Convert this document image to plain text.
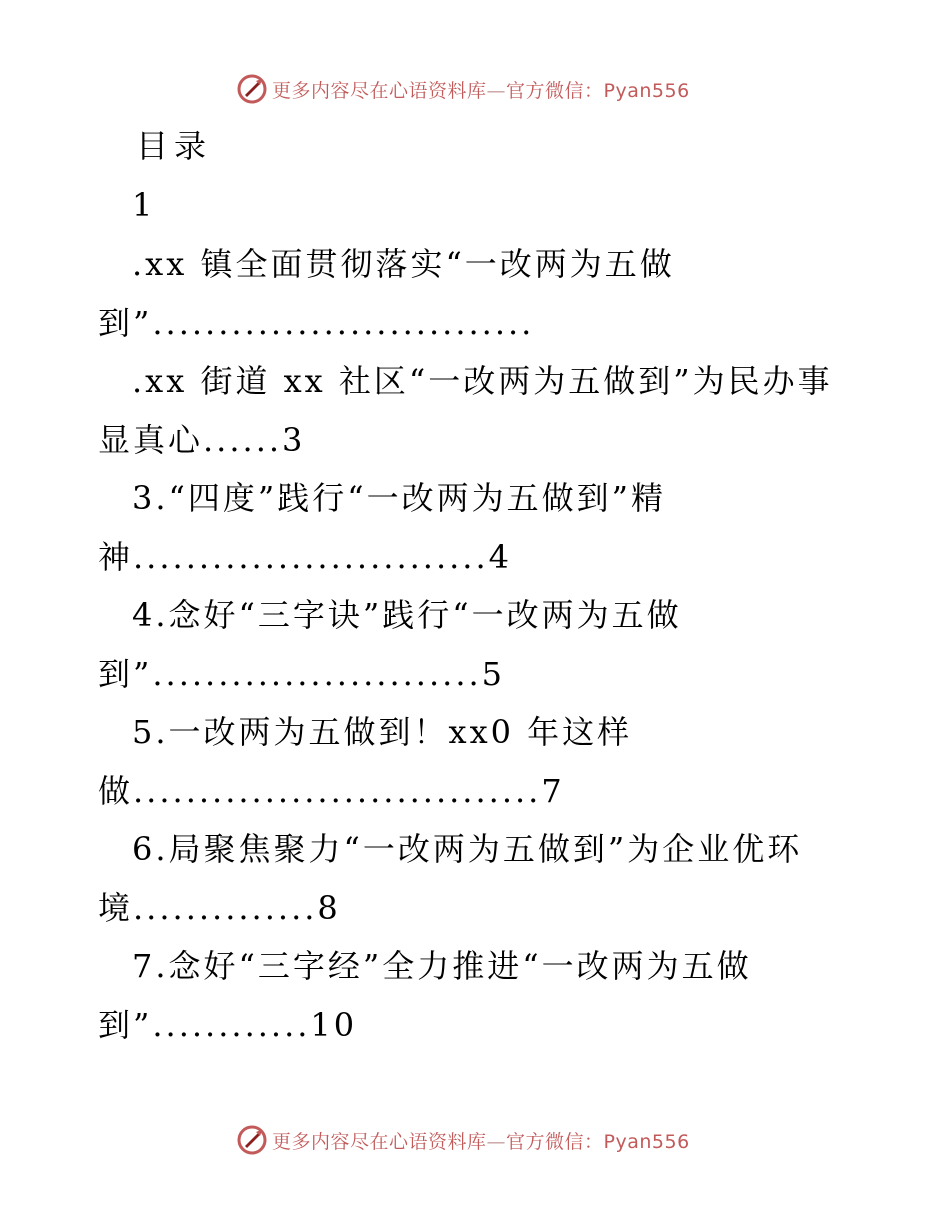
更多内容尽在心语资料库—官方微信：Pyan556
目录
1
.xx 镇全面贯彻落实“一改两为五做
到”.............................
.xx 街道 xx 社区“一改两为五做到”为民办事
显真心......3
3.“四度”践行“一改两为五做到”精
神...........................4
4.念好“三字诀”践行“一改两为五做
到”.........................5
5.一改两为五做到！xx0 年这样
做...............................7
6.局聚焦聚力“一改两为五做到”为企业优环
境..............8
7.念好“三字经”全力推进“一改两为五做
到”............10
更多内容尽在心语资料库—官方微信：Pyan556
